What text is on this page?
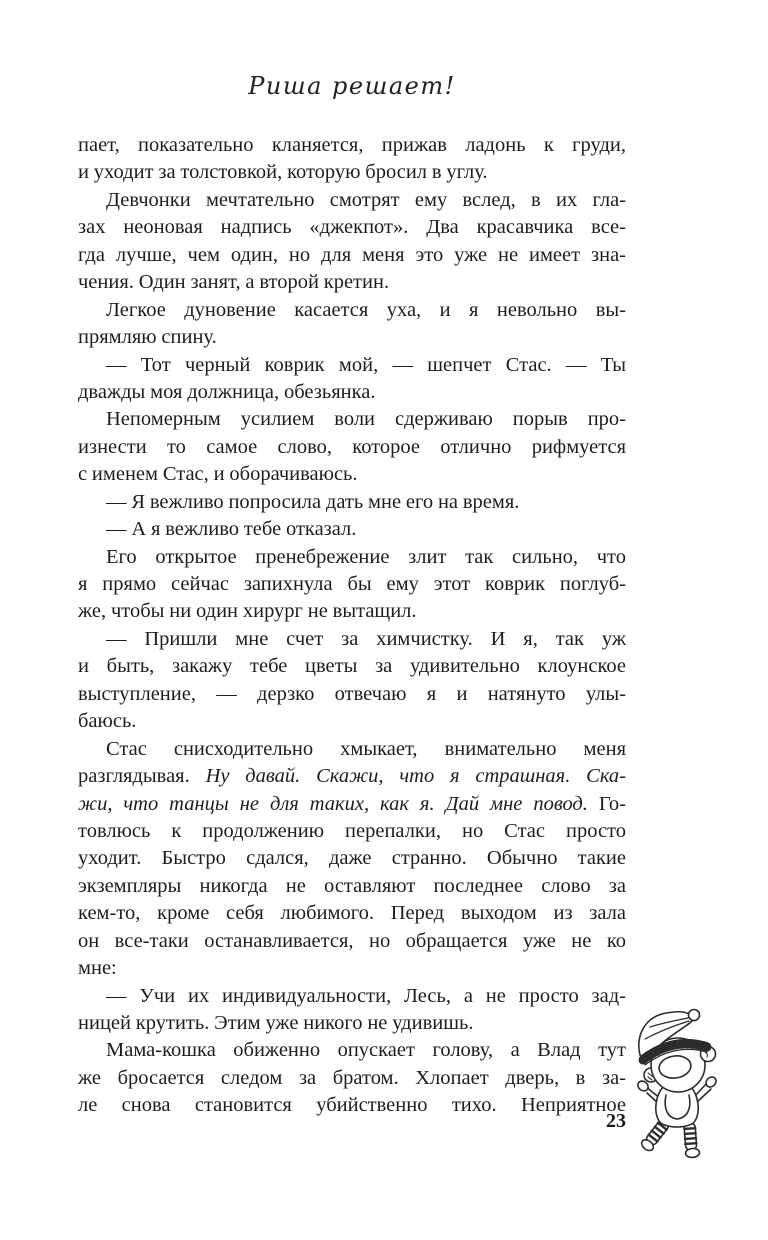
Риша решает!
пает, показательно кланяется, прижав ладонь к груди,
и уходит за толстовкой, которую бросил в углу.
Девчонки мечтательно смотрят ему вслед, в их гла-
зах неоновая надпись «джекпот». Два красавчика все-
гда лучше, чем один, но для меня это уже не имеет зна-
чения. Один занят, а второй кретин.
Легкое дуновение касается уха, и я невольно вы-
прямляю спину.
— Тот черный коврик мой, — шепчет Стас. — Ты
дважды моя должница, обезьянка.
Непомерным усилием воли сдерживаю порыв про-
изнести то самое слово, которое отлично рифмуется
с именем Стас, и оборачиваюсь.
— Я вежливо попросила дать мне его на время.
— А я вежливо тебе отказал.
Его открытое пренебрежение злит так сильно, что
я прямо сейчас запихнула бы ему этот коврик поглуб-
же, чтобы ни один хирург не вытащил.
— Пришли мне счет за химчистку. И я, так уж
и быть, закажу тебе цветы за удивительно клоунское
выступление, — дерзко отвечаю я и натянуто улы-
баюсь.
Стас снисходительно хмыкает, внимательно меня
разглядывая. Ну давай. Скажи, что я страшная. Ска-
жи, что танцы не для таких, как я. Дай мне повод. Го-
товлюсь к продолжению перепалки, но Стас просто
уходит. Быстро сдался, даже странно. Обычно такие
экземпляры никогда не оставляют последнее слово за
кем-то, кроме себя любимого. Перед выходом из зала
он все-таки останавливается, но обращается уже не ко
мне:
— Учи их индивидуальности, Лесь, а не просто зад-
ницей крутить. Этим уже никого не удивишь.
Мама-кошка обиженно опускает голову, а Влад тут
же бросается следом за братом. Хлопает дверь, в за-
ле снова становится убийственно тихо. Неприятное
23
